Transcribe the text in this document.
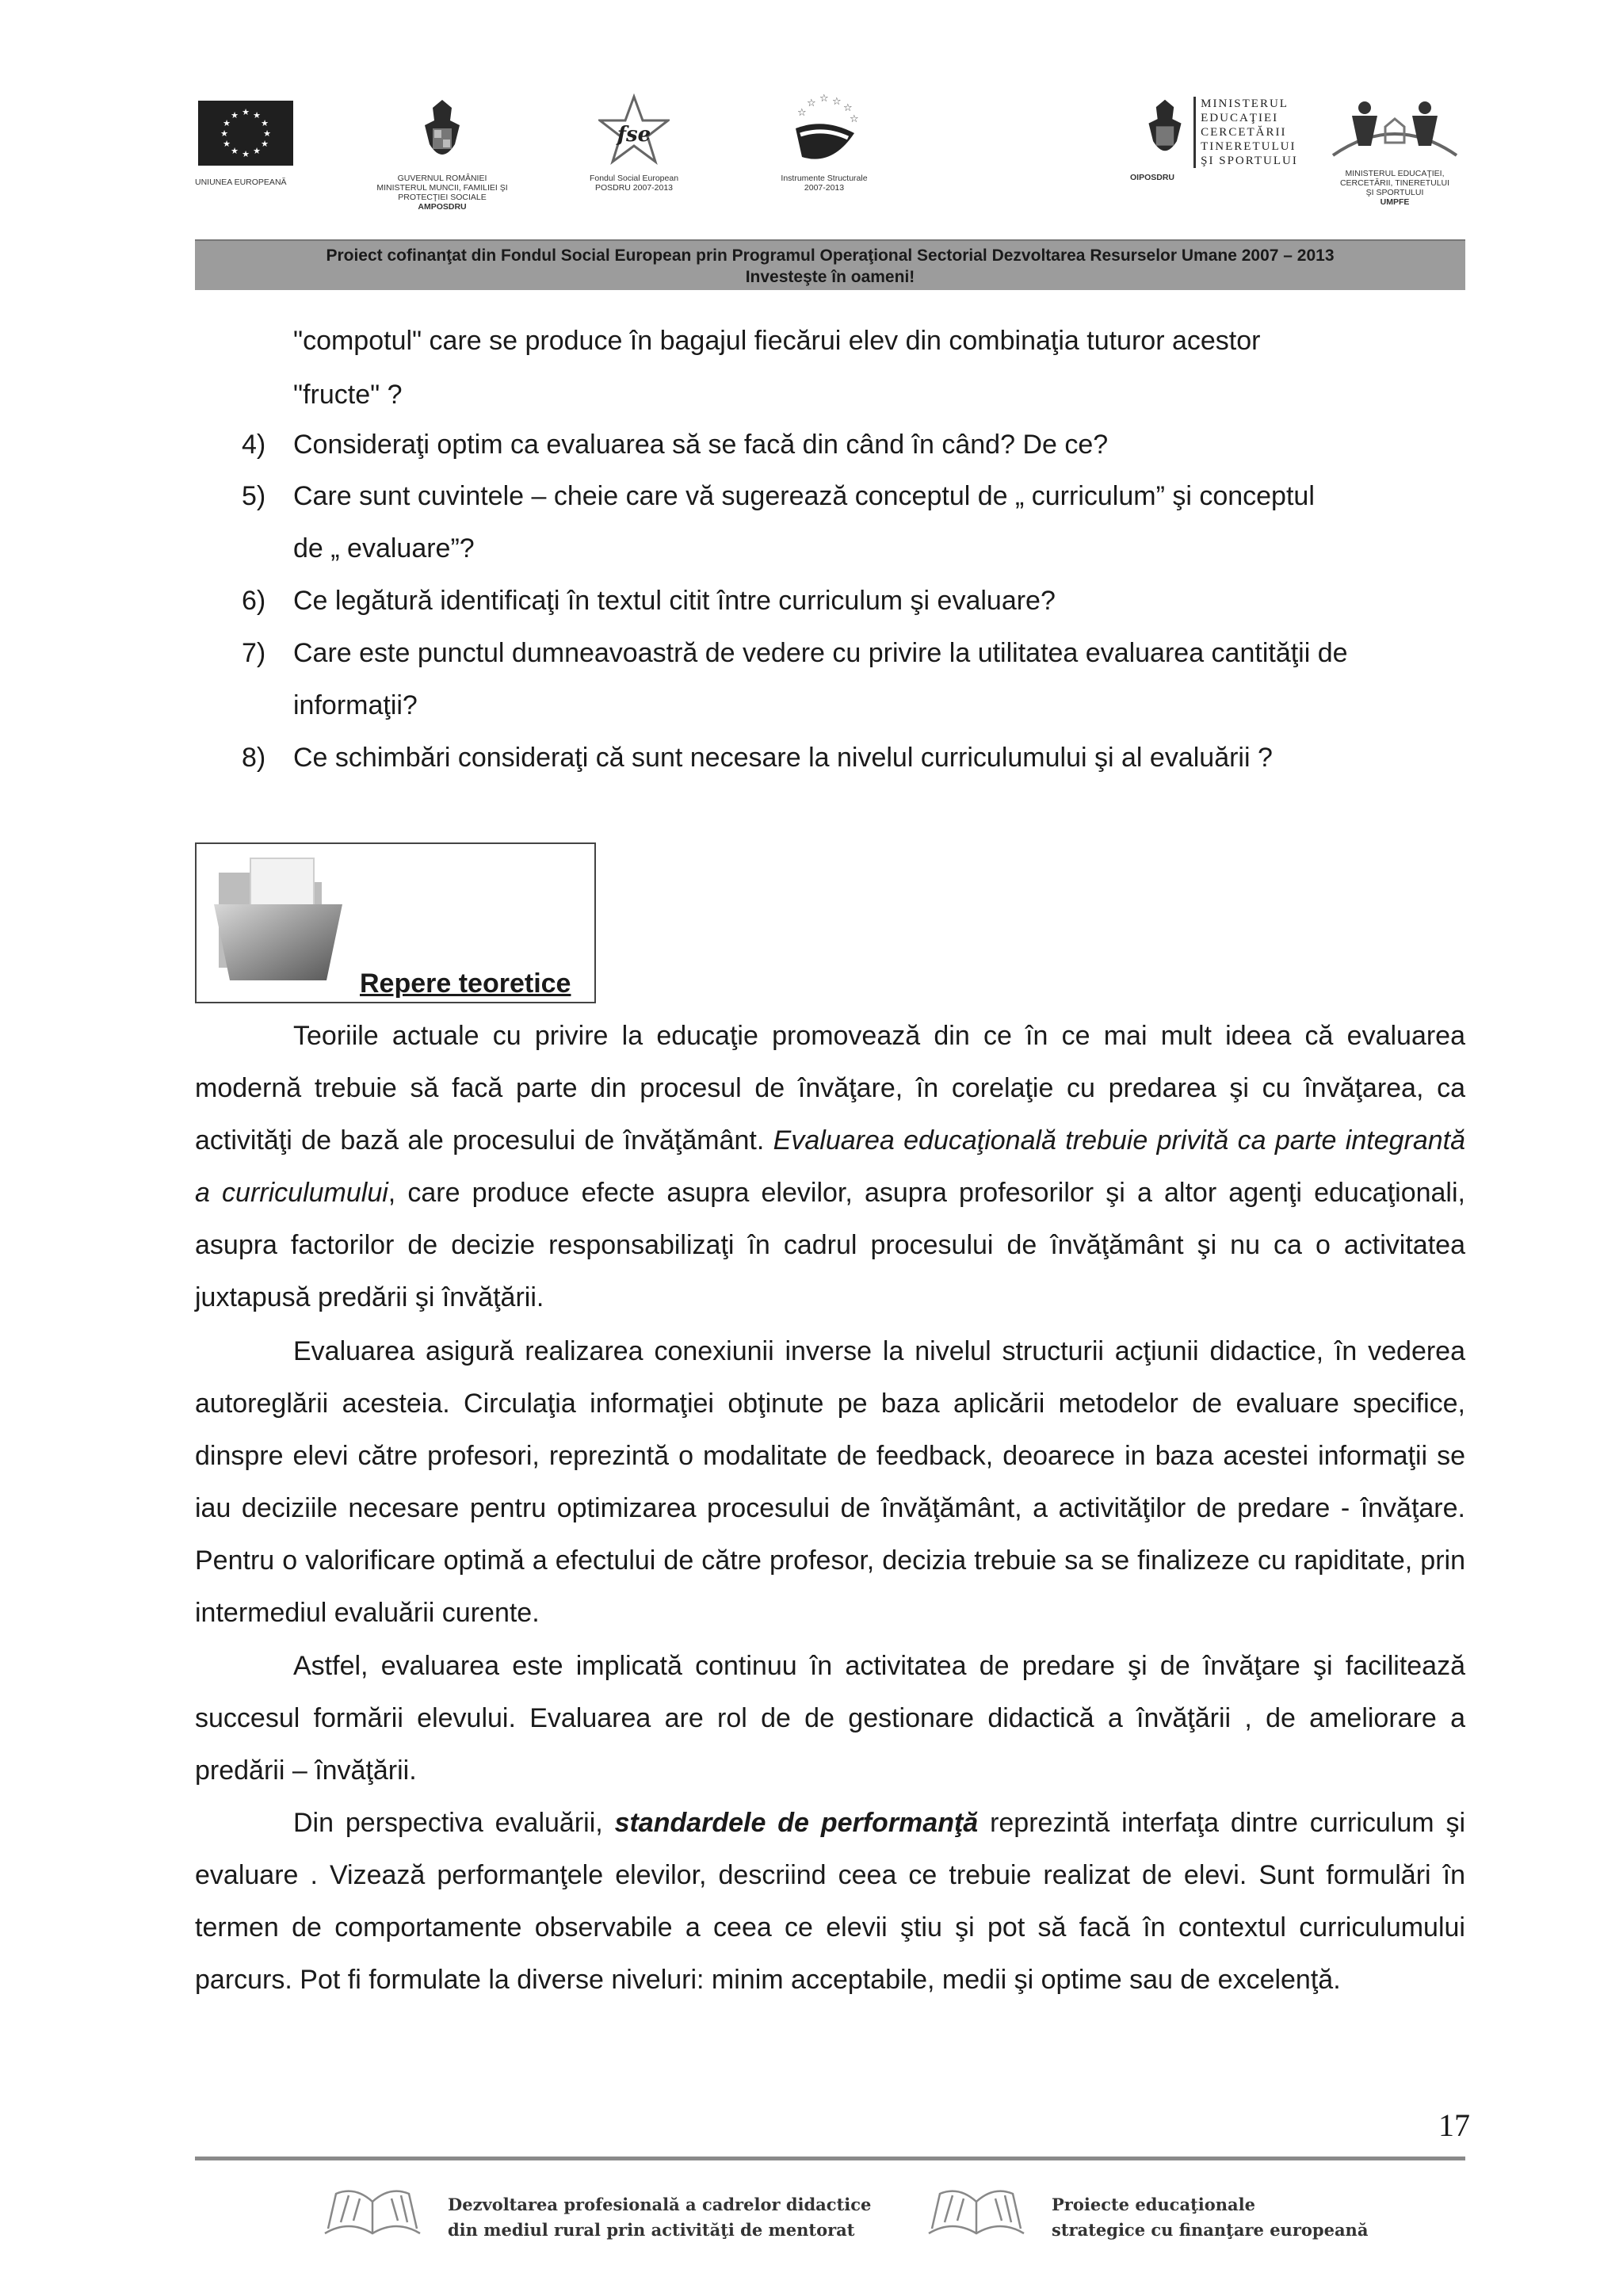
★ ★
★
★
★
★
★
★
★
★
★
★
UNIUNEA EUROPEANĂ	GUVERNUL ROMÂNIEI
MINISTERUL MUNCII, FAMILIEI ŞI
PROTECŢIEI SOCIALE
AMPOSDRU
fse
Fondul Social European
POSDRU 2007-2013
☆ ☆ ☆
☆
☆
☆
Instrumente Structurale
2007-2013
MINISTERUL
EDUCAŢIEI
CERCETĂRII
TINERETULUI
ŞI SPORTULUI
OIPOSDRU	MINISTERUL EDUCAŢIEI,
CERCETĂRII, TINERETULUI
ŞI SPORTULUI
UMPFE
Proiect cofinanţat din Fondul Social European prin Programul Operaţional Sectorial Dezvoltarea Resurselor Umane 2007 – 2013
Investeşte în oameni!
"compotul" care se produce în bagajul fiecărui elev din combinaţia tuturor acestor
"fructe" ?
4) Consideraţi optim ca evaluarea să se facă din când în când? De ce?
5) Care sunt cuvintele – cheie care vă sugerează conceptul de „ curriculum” şi conceptul
de „ evaluare”?
6) Ce legătură identificaţi în textul citit între curriculum şi evaluare?
7) Care este punctul dumneavoastră de vedere cu privire la utilitatea evaluarea cantităţii de
informaţii?
8) Ce schimbări consideraţi că sunt necesare la nivelul curriculumului şi al evaluării ?
Repere teoretice

Teoriile actuale cu privire la educaţie promovează din ce în ce mai mult ideea că evaluarea modernă trebuie să facă parte din procesul de învăţare, în corelaţie cu predarea şi cu învăţarea, ca activităţi de bază ale procesului de învăţământ. Evaluarea educaţională trebuie privită ca parte integrantă a curriculumului, care produce efecte asupra elevilor, asupra profesorilor şi a altor agenţi educaţionali, asupra factorilor de decizie responsabilizaţi în cadrul procesului de învăţământ şi nu ca o activitatea juxtapusă predării şi învăţării.

Evaluarea asigură realizarea conexiunii inverse la nivelul structurii acţiunii didactice, în vederea autoreglării acesteia. Circulaţia informaţiei obţinute pe baza aplicării metodelor de evaluare specifice, dinspre elevi către profesori, reprezintă o modalitate de feedback, deoarece in baza acestei informaţii se iau deciziile necesare pentru optimizarea procesului de învăţământ, a activităţilor de predare - învăţare. Pentru o valorificare optimă a efectului de către profesor, decizia trebuie sa se finalizeze cu rapiditate, prin intermediul evaluării curente.

Astfel, evaluarea este implicată continuu în activitatea de predare şi de învăţare şi facilitează succesul formării elevului. Evaluarea are rol de de gestionare didactică a învăţării , de ameliorare a predării – învăţării.

Din perspectiva evaluării, standardele de performanţă reprezintă interfaţa dintre curriculum şi evaluare . Vizează performanţele elevilor, descriind ceea ce trebuie realizat de elevi. Sunt formulări în termen de comportamente observabile a ceea ce elevii ştiu şi pot să facă în contextul curriculumului parcurs. Pot fi formulate la diverse niveluri: minim acceptabile, medii şi optime sau de excelenţă.

17
Dezvoltarea profesională a cadrelor didactice
din mediul rural prin activităţi de mentorat
Proiecte educaţionale
strategice cu finanţare europeană
